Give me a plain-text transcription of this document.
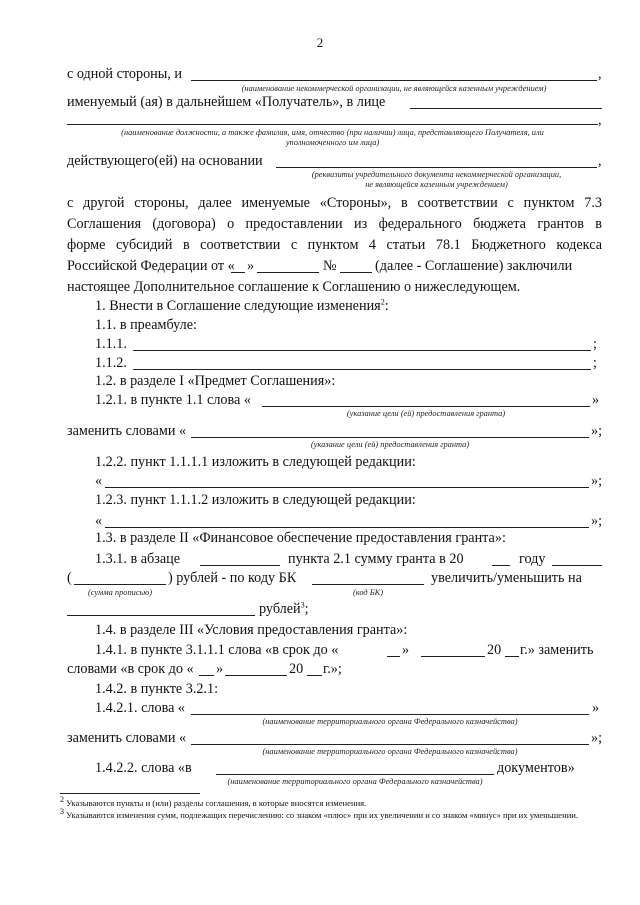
2
с одной стороны, и	,
(наименование некоммерческой организации, не являющейся казенным учреждением)
именуемый (ая) в дальнейшем «Получатель», в лице
,
(наименование должности, а также фамилия, имя, отчество (при наличии) лица, представляющего Получателя, или
уполномоченного им лица)
действующего(ей) на основании	,
(реквизиты учредительного документа некоммерческой организации,
не являющейся казенным учреждением)
с другой стороны, далее именуемые «Стороны», в соответствии с пунктом 7.3
Соглашения (договора) о предоставлении из федерального бюджета грантов в
форме субсидий в соответствии с пунктом 4 статьи 78.1 Бюджетного кодекса
Российской Федерации от « »	№	(далее - Соглашение) заключили
настоящее Дополнительное соглашение к Соглашению о нижеследующем.
1. Внести в Соглашение следующие изменения$^2$:
1.1. в преамбуле:
1.1.1.	;
1.1.2.	;
1.2. в разделе I «Предмет Соглашения»:
1.2.1. в пункте 1.1 слова «	»
(указание цели (ей) предоставления гранта)
заменить словами «	»;
(указание цели (ей) предоставления гранта)
1.2.2. пункт 1.1.1.1 изложить в следующей редакции:
«	»;
1.2.3. пункт 1.1.1.2 изложить в следующей редакции:
«	»;
1.3. в разделе II «Финансовое обеспечение предоставления гранта»:
1.3.1. в абзаце	пункта 2.1 сумму гранта в 20	году
(	) рублей - по коду БК	увеличить/уменьшить на
(сумма прописью)	(код БК)
рублей$^3$;
1.4. в разделе III «Условия предоставления гранта»:
1.4.1. в пункте 3.1.1.1 слова «в срок до «	»	20 г.» заменить
словами «в срок до « »	20 г.»;
1.4.2. в пункте 3.2.1:
1.4.2.1. слова «	»
(наименование территориального органа Федерального казначейства)
заменить словами «	»;
(наименование территориального органа Федерального казначейства)
1.4.2.2. слова «в	документов»
(наименование территориального органа Федерального казначейства)
$^2$ Указываются пункты и (или) разделы соглашения, в которые вносятся изменения.
$^3$ Указываются изменения сумм, подлежащих перечислению: со знаком «плюс» при их увеличении и со знаком «минус» при их уменьшении.
